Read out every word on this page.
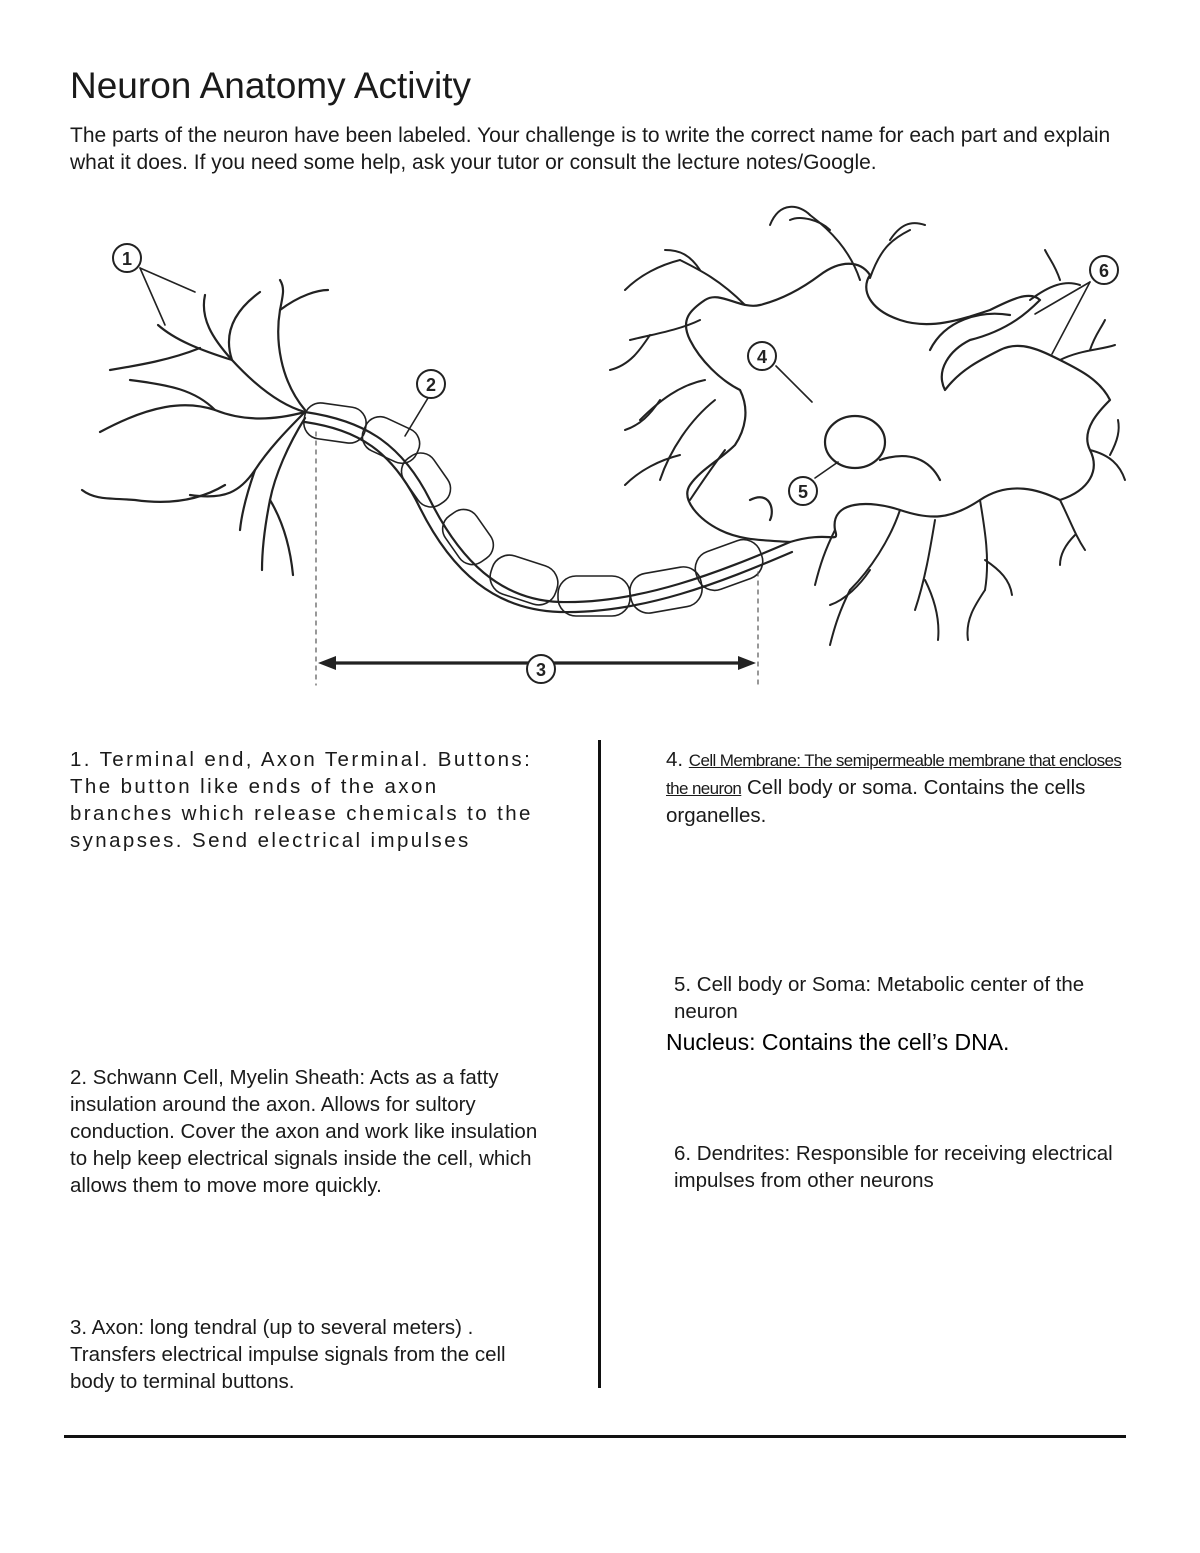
Neuron Anatomy Activity

The parts of the neuron have been labeled. Your challenge is to write the correct name for each part and explain what it does. If you need some help, ask your tutor or consult the lecture notes/Google.

1
2
3
4
5
6

1. Terminal end, Axon Terminal. Buttons: The button like ends of the axon branches which release chemicals to the synapses. Send electrical impulses

2. Schwann Cell, Myelin Sheath: Acts as a fatty insulation around the axon. Allows for sultory conduction. Cover the axon and work like insulation to help keep electrical signals inside the cell, which allows them to move more quickly.

3. Axon: long tendral (up to several meters) . Transfers electrical impulse signals from the cell body to terminal buttons.

4. Cell Membrane: The semipermeable membrane that encloses the neuron Cell body or soma. Contains the cells organelles.

5. Cell body or Soma: Metabolic center of the neuron

Nucleus: Contains the cell’s DNA.

6. Dendrites: Responsible for receiving electrical impulses from other neurons
